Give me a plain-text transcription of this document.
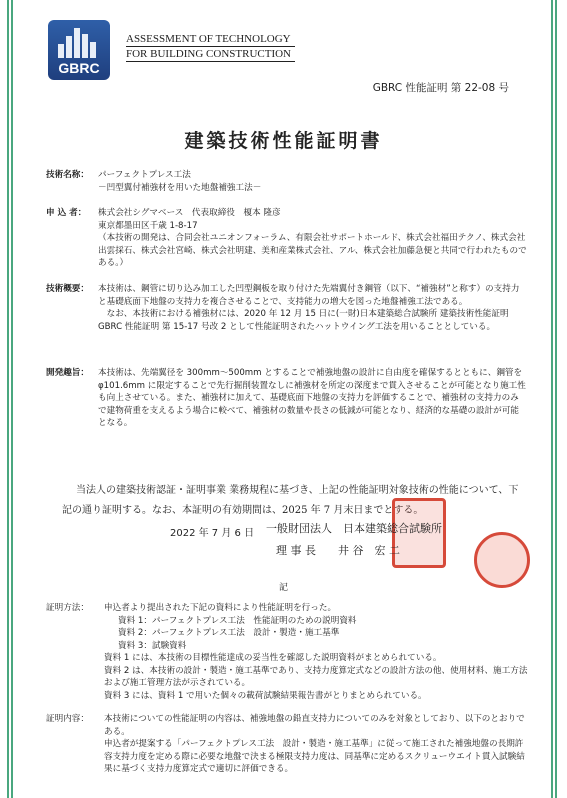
GBRC
ASSESSMENT OF TECHNOLOGY
FOR BUILDING CONSTRUCTION
GBRC 性能証明 第 22-08 号
建築技術性能証明書
技術名称：	パーフェクトプレス工法

－凹型翼付補強材を用いた地盤補強工法－

申 込 者：	株式会社シグマベース　代表取締役　榎本 隆彦

東京都墨田区千歳 1-8-17

（本技術の開発は、合同会社ユニオンフォーラム、有限会社サポートホールド、株式会社福田テクノ、株式会社出雲採石、株式会社宮崎、株式会社明建、美和産業株式会社、アル、株式会社加藤急便と共同で行われたものである。）

技術概要：	本技術は、鋼管に切り込み加工した凹型鋼板を取り付けた先端翼付き鋼管（以下、“補強材”と称す）の支持力と基礎底面下地盤の支持力を複合させることで、支持能力の増大を図った地盤補強工法である。

なお、本技術における補強材には、2020 年 12 月 15 日に(一財)日本建築総合試験所 建築技術性能証明 GBRC 性能証明 第 15-17 号改 2 として性能証明されたハットウイング工法を用いることとしている。

開発趣旨：	本技術は、先端翼径を 300mm～500mm とすることで補強地盤の設計に自由度を確保するとともに、鋼管を φ101.6mm に限定することで先行掘削装置なしに補強材を所定の深度まで貫入させることが可能となり施工性も向上させている。また、補強材に加えて、基礎底面下地盤の支持力を評価することで、補強材の支持力のみで建物荷重を支えるよう場合に較べて、補強材の数量や長さの低減が可能となり、経済的な基礎の設計が可能となる。

当法人の建築技術認証・証明事業 業務規程に基づき、上記の性能証明対象技術の性能について、下記の通り証明する。なお、本証明の有効期間は、2025 年 7 月末日までとする。
2022 年 7 月 6 日 一般財団法人　日本建築総合試験所
理 事 長　　井 谷　宏 二
記
証明方法：	申込者より提出された下記の資料により性能証明を行った。

資料 1：パーフェクトプレス工法　性能証明のための説明資料

資料 2：パーフェクトプレス工法　設計・製造・施工基準

資料 3：試験資料

資料 1 には、本技術の目標性能達成の妥当性を確認した説明資料がまとめられている。

資料 2 は、本技術の設計・製造・施工基準であり、支持力度算定式などの設計方法の他、使用材料、施工方法および施工管理方法が示されている。

資料 3 には、資料 1 で用いた個々の載荷試験結果報告書がとりまとめられている。

証明内容：	本技術についての性能証明の内容は、補強地盤の鉛直支持力についてのみを対象としており、以下のとおりである。

申込者が提案する「パーフェクトプレス工法　設計・製造・施工基準」に従って施工された補強地盤の長期許容支持力度を定める際に必要な地盤で決まる極限支持力度は、同基準に定めるスクリューウエイト貫入試験結果に基づく支持力度算定式で適切に評価できる。
